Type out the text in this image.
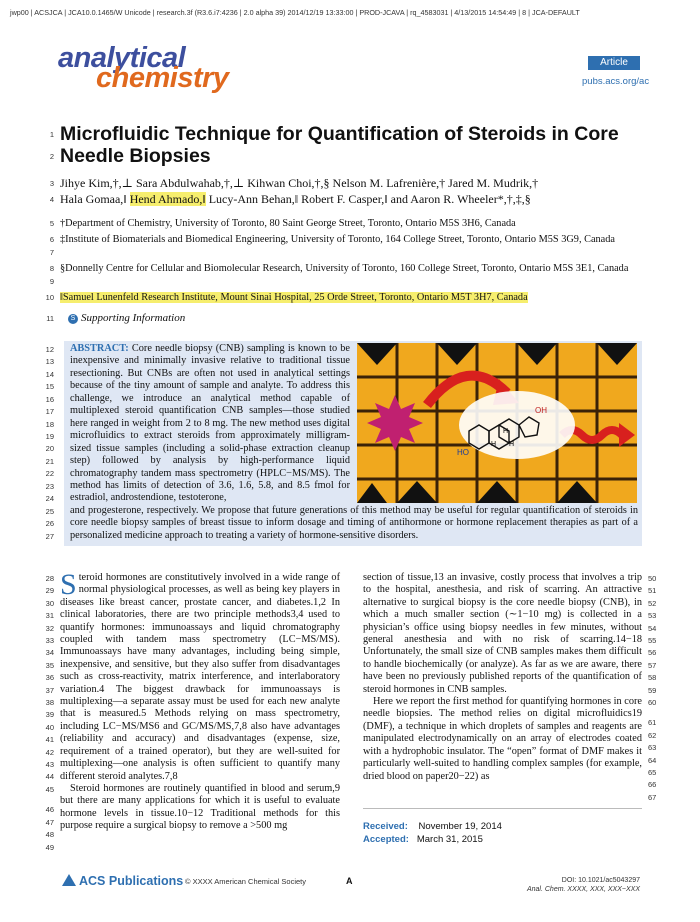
jwp00 | ACSJCA | JCA10.0.1465/W Unicode | research.3f (R3.6.i7:4236 | 2.0 alpha 39) 2014/12/19 13:33:00 | PROD-JCAVA | rq_4583031 | 4/13/2015 14:54:49 | 8 | JCA-DEFAULT
analytical
chemistry	Article
pubs.acs.org/ac
1
2
3
4
5
6
7
8
9
10
11
Microfluidic Technique for Quantification of Steroids in Core Needle Biopsies
Jihye Kim,†,⊥ Sara Abdulwahab,†,⊥ Kihwan Choi,†,§ Nelson M. Lafrenière,† Jared M. Mudrik,†
Hala Gomaa,‖ Hend Ahmado,‖ Lucy-Ann Behan,‖ Robert F. Casper,‖ and Aaron R. Wheeler*,†,‡,§
†Department of Chemistry, University of Toronto, 80 Saint George Street, Toronto, Ontario M5S 3H6, Canada
‡Institute of Biomaterials and Biomedical Engineering, University of Toronto, 164 College Street, Toronto, Ontario M5S 3G9, Canada
§Donnelly Centre for Cellular and Biomolecular Research, University of Toronto, 160 College Street, Toronto, Ontario M5S 3E1, Canada
‖Samuel Lunenfeld Research Institute, Mount Sinai Hospital, 25 Orde Street, Toronto, Ontario M5T 3H7, Canada
S Supporting Information
ABSTRACT: Core needle biopsy (CNB) sampling is known to be inexpensive and minimally invasive relative to traditional tissue resectioning. But CNBs are often not used in analytical settings because of the tiny amount of sample and analyte. To address this challenge, we introduce an analytical method capable of multiplexed steroid quantification CNB samples—those studied here ranged in weight from 2 to 8 mg. The new method uses digital microfluidics to extract steroids from approximately milligram-sized tissue samples (including a solid-phase extraction cleanup step) followed by analysis by high-performance liquid chromatography tandem mass spectrometry (HPLC−MS/MS). The method has limits of detection of 3.6, 1.6, 5.8, and 8.5 fmol for estradiol, androstendione, testoterone,
and progesterone, respectively. We propose that future generations of this method may be useful for regular quantification of steroids in core needle biopsy samples of breast tissue to inform dosage and timing of antihormone or hormone replacement therapies as part of a personalized medicine approach to treating a variety of hormone-sensitive disorders.
HO
H
H H
OH
12
13
14
15
16
17
18
19
20
21
22
23
24
25
26
27

Steroid hormones are constitutively involved in a wide range of normal physiological processes, as well as being key players in diseases like breast cancer, prostate cancer, and diabetes.1,2 In clinical laboratories, there are two principle methods3,4 used to quantify hormones: immunoassays and liquid chromatography coupled with tandem mass spectrometry (LC−MS/MS). Immunoassays have many advantages, including being simple, inexpensive, and sensitive, but they also suffer from disadvantages such as cross-reactivity, matrix interference, and interlaboratory variation.4 The biggest drawback for immunoassays is multiplexing—a separate assay must be used for each new analyte that is measured.5 Methods relying on mass spectrometry, including LC−MS/MS6 and GC/MS/MS,7,8 also have advantages (reliability and accuracy) and disadvantages (expense, size, requirement of a trained operator), but they are well-suited for multiplexing—one analysis is often sufficient to quantify many different steroid analytes.7,8

Steroid hormones are routinely quantified in blood and serum,9 but there are many applications for which it is useful to evaluate hormone levels in tissue.10−12 Traditional methods for this purpose require a surgical biopsy to remove a >500 mg

section of tissue,13 an invasive, costly process that involves a trip to the hospital, anesthesia, and risk of scarring. An attractive alternative to surgical biopsy is the core needle biopsy (CNB), in which a much smaller section (∼1−10 mg) is collected in a physician’s office using biopsy needles in few minutes, without general anesthesia and with no risk of scarring.14−18 Unfortunately, the small size of CNB samples makes them difficult to handle biochemically (or analyze). As far as we are aware, there have been no previously published reports of the quantification of steroid hormones in CNB samples.

Here we report the first method for quantifying hormones in core needle biopsies. The method relies on digital microfluidics19 (DMF), a technique in which droplets of samples and reagents are manipulated electrodynamically on an array of electrodes coated with a hydrophobic insulator. The “open” format of DMF makes it particularly well-suited to handling complex samples (for example, dried blood on paper20−22) as

28
29
30
31
32
33
34
35
36
37
38
39
40
41
42
43
44
45
46
47
48
49
50
51
52
53
54
55
56
57
58
59
60
61
62
63
64
65
66
67
Received: November 19, 2014
Accepted: March 31, 2015
ACS Publications © XXXX American Chemical Society	A	DOI: 10.1021/ac5043297
Anal. Chem. XXXX, XXX, XXX−XXX
